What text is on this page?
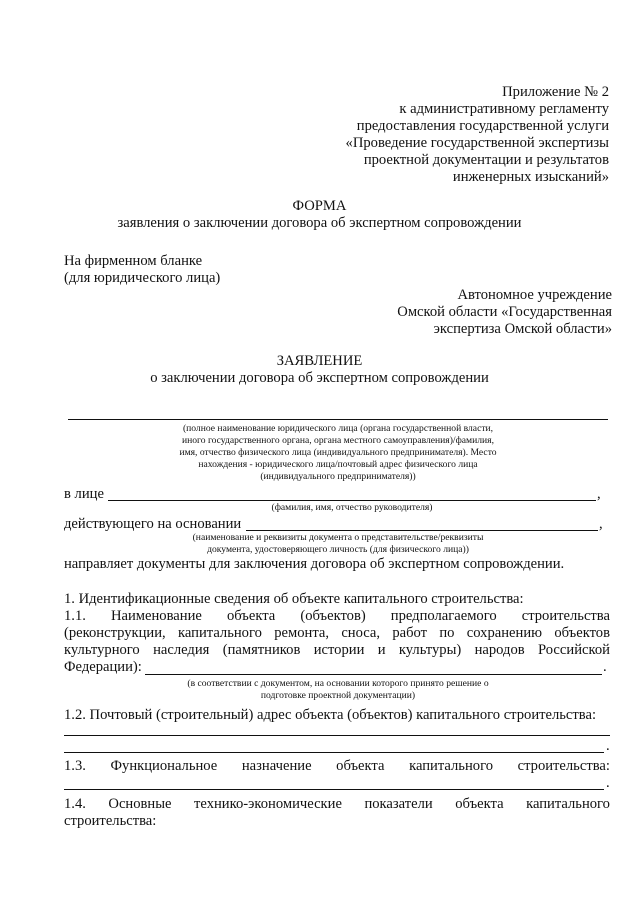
Приложение № 2
к административному регламенту
предоставления государственной услуги
«Проведение государственной экспертизы
проектной документации и результатов
инженерных изысканий»
ФОРМА
заявления о заключении договора об экспертном сопровождении
На фирменном бланке
(для юридического лица)
Автономное учреждение
Омской области «Государственная
экспертиза Омской области»
ЗАЯВЛЕНИЕ
о заключении договора об экспертном сопровождении
(полное наименование юридического лица (органа государственной власти,
иного государственного органа, органа местного самоуправления)/фамилия,
имя, отчество физического лица (индивидуального предпринимателя). Место
нахождения - юридического лица/почтовый адрес физического лица
(индивидуального предпринимателя))
в лице	,
(фамилия, имя, отчество руководителя)
действующего на основании	,
(наименование и реквизиты документа о представительстве/реквизиты
документа, удостоверяющего личность (для физического лица))
направляет документы для заключения договора об экспертном сопровождении.
1. Идентификационные сведения об объекте капитального строительства:
1.1. Наименование объекта (объектов) предполагаемого строительства
(реконструкции, капитального ремонта, сноса, работ по сохранению объектов
культурного наследия (памятников истории и культуры) народов Российской
Федерации):	.
(в соответствии с документом, на основании которого принято решение о
подготовке проектной документации)
1.2. Почтовый (строительный) адрес объекта (объектов) капитального строительства:
.
1.3. Функциональное назначение объекта капитального строительства:
.
1.4. Основные технико-экономические показатели объекта капитального
строительства:
